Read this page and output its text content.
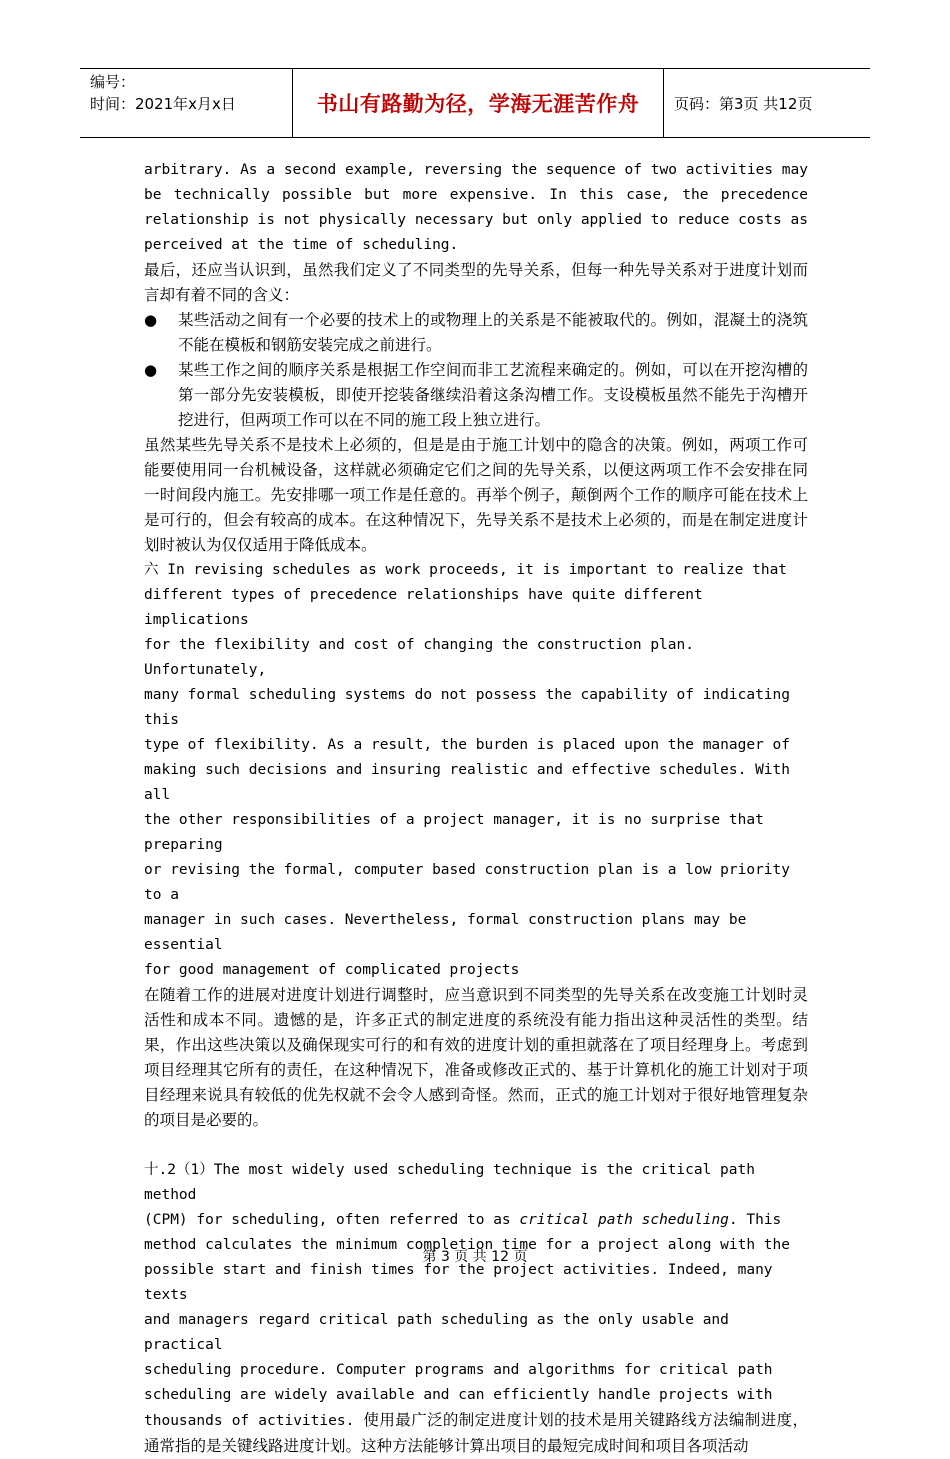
编号：
时间：2021年x月x日	书山有路勤为径，学海无涯苦作舟	页码：第3页 共12页

arbitrary. As a second example, reversing the sequence of two activities may be technically possible but more expensive. In this case, the precedence relationship is not physically necessary but only applied to reduce costs as perceived at the time of scheduling.

最后，还应当认识到，虽然我们定义了不同类型的先导关系，但每一种先导关系对于进度计划而言却有着不同的含义：

● 某些活动之间有一个必要的技术上的或物理上的关系是不能被取代的。例如，混凝土的浇筑不能在模板和钢筋安装完成之前进行。

● 某些工作之间的顺序关系是根据工作空间而非工艺流程来确定的。例如，可以在开挖沟槽的第一部分先安装模板，即使开挖装备继续沿着这条沟槽工作。支设模板虽然不能先于沟槽开挖进行，但两项工作可以在不同的施工段上独立进行。

虽然某些先导关系不是技术上必须的，但是是由于施工计划中的隐含的决策。例如，两项工作可能要使用同一台机械设备，这样就必须确定它们之间的先导关系，以便这两项工作不会安排在同一时间段内施工。先安排哪一项工作是任意的。再举个例子，颠倒两个工作的顺序可能在技术上是可行的，但会有较高的成本。在这种情况下，先导关系不是技术上必须的，而是在制定进度计划时被认为仅仅适用于降低成本。

六 In revising schedules as work proceeds, it is important to realize that

different types of precedence relationships have quite different implications

for the flexibility and cost of changing the construction plan. Unfortunately,

many formal scheduling systems do not possess the capability of indicating this

type of flexibility. As a result, the burden is placed upon the manager of

making such decisions and insuring realistic and effective schedules. With all

the other responsibilities of a project manager, it is no surprise that

preparing

or revising the formal, computer based construction plan is a low priority to a

manager in such cases. Nevertheless, formal construction plans may be essential

for good management of complicated projects

在随着工作的进展对进度计划进行调整时，应当意识到不同类型的先导关系在改变施工计划时灵活性和成本不同。遗憾的是，许多正式的制定进度的系统没有能力指出这种灵活性的类型。结果，作出这些决策以及确保现实可行的和有效的进度计划的重担就落在了项目经理身上。考虑到项目经理其它所有的责任，在这种情况下，准备或修改正式的、基于计算机化的施工计划对于项目经理来说具有较低的优先权就不会令人感到奇怪。然而，正式的施工计划对于很好地管理复杂的项目是必要的。

十.2（1）The most widely used scheduling technique is the critical path method

(CPM) for scheduling, often referred to as critical path scheduling. This

method calculates the minimum completion time for a project along with the

possible start and finish times for the project activities. Indeed, many texts

and managers regard critical path scheduling as the only usable and practical

scheduling procedure. Computer programs and algorithms for critical path

scheduling are widely available and can efficiently handle projects with

thousands of activities. 使用最广泛的制定进度计划的技术是用关键路线方法编制进度，通常指的是关键线路进度计划。这种方法能够计算出项目的最短完成时间和项目各项活动

第 3 页 共 12 页
